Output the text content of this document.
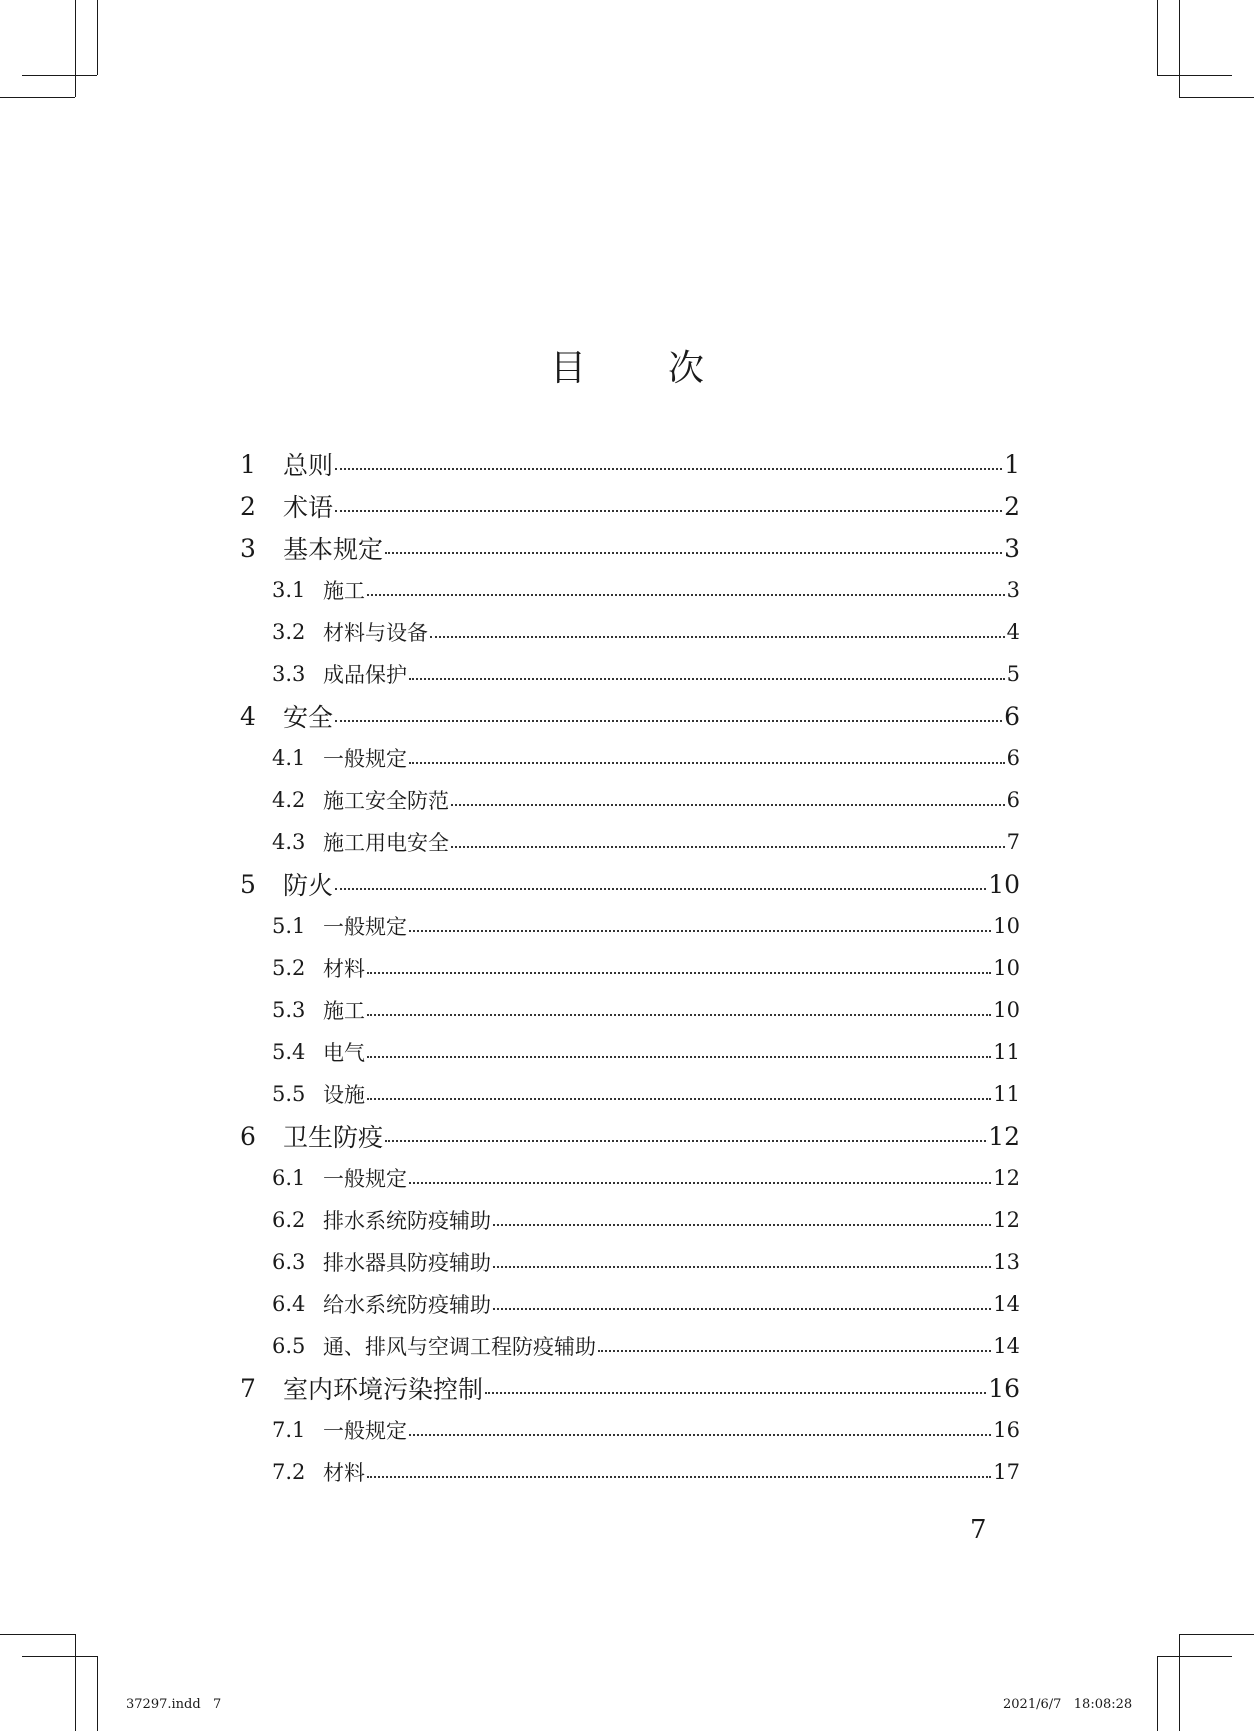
目 次
1	总则	1
2	术语	2
3	基本规定	3
3.1 施工	3
3.2 材料与设备	4
3.3 成品保护	5
4	安全	6
4.1 一般规定	6
4.2 施工安全防范	6
4.3 施工用电安全	7
5	防火	10
5.1 一般规定	10
5.2 材料	10
5.3 施工	10
5.4 电气	11
5.5 设施	11
6	卫生防疫	12
6.1 一般规定	12
6.2 排水系统防疫辅助	12
6.3 排水器具防疫辅助	13
6.4 给水系统防疫辅助	14
6.5 通、排风与空调工程防疫辅助	14
7	室内环境污染控制	16
7.1 一般规定	16
7.2 材料	17
7
37297.indd   7	2021/6/7   18:08:28
